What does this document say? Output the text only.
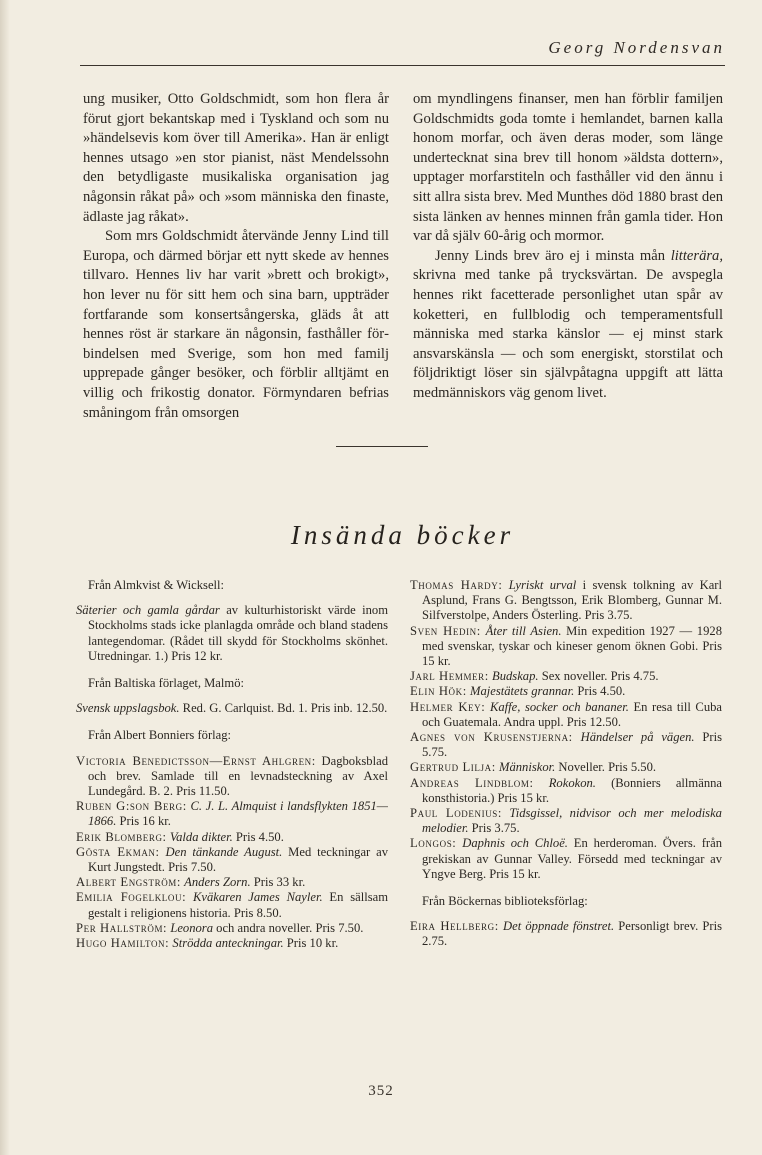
Georg Nordensvan

ung musiker, Otto Goldschmidt, som hon flera år förut gjort bekantskap med i Tyskland och som nu »händelsevis kom över till Amerika». Han är enligt hennes utsago »en stor pianist, näst Mendelssohn den betydligaste musikaliska organisation jag någonsin råkat på» och »som människa den finaste, ädlaste jag råkat».

Som mrs Goldschmidt återvände Jenny Lind till Europa, och därmed börjar ett nytt skede av hennes tillvaro. Hennes liv har varit »brett och brokigt», hon lever nu för sitt hem och sina barn, uppträder fortfarande som konsertsångerska, gläds åt att hennes röst är starkare än någonsin, fasthåller förbindelsen med Sverige, som hon med familj upprepade gånger besöker, och förblir alltjämt en villig och frikostig donator. Förmyndaren befrias småningom från omsorgen

om myndlingens finanser, men han förblir familjen Goldschmidts goda tomte i hemlandet, barnen kalla honom morfar, och även deras moder, som länge undertecknat sina brev till honom »äldsta dottern», upptager morfarstiteln och fasthåller vid den ännu i sitt allra sista brev. Med Munthes död 1880 brast den sista länken av hennes minnen från gamla tider. Hon var då själv 60-årig och mormor.

Jenny Linds brev äro ej i minsta mån litterära, skrivna med tanke på trycksvärtan. De avspegla hennes rikt facetterade personlighet utan spår av koketteri, en fullblodig och temperamentsfull människa med starka känslor — ej minst stark ansvarskänsla — och som energiskt, storstilat och följdriktigt löser sin självpåtagna uppgift att lätta medmänniskors väg genom livet.

Insända böcker

Från Almkvist & Wicksell:

Säterier och gamla gårdar av kulturhistoriskt värde inom Stockholms stads icke planlagda område och bland stadens lantegendomar. (Rådet till skydd för Stockholms skönhet. Utredningar. 1.) Pris 12 kr.

Från Baltiska förlaget, Malmö:

Svensk uppslagsbok. Red. G. Carlquist. Bd. 1. Pris inb. 12.50.

Från Albert Bonniers förlag:

Victoria Benedictsson—Ernst Ahlgren: Dagboksblad och brev. Samlade till en levnadsteckning av Axel Lundegård. B. 2. Pris 11.50.

Ruben G:son Berg: C. J. L. Almquist i landsflykten 1851—1866. Pris 16 kr.

Erik Blomberg: Valda dikter. Pris 4.50.

Gösta Ekman: Den tänkande August. Med teckningar av Kurt Jungstedt. Pris 7.50.

Albert Engström: Anders Zorn. Pris 33 kr.

Emilia Fogelklou: Kväkaren James Nayler. En sällsam gestalt i religionens historia. Pris 8.50.

Per Hallström: Leonora och andra noveller. Pris 7.50.

Hugo Hamilton: Strödda anteckningar. Pris 10 kr.

Thomas Hardy: Lyriskt urval i svensk tolkning av Karl Asplund, Frans G. Bengtsson, Erik Blomberg, Gunnar M. Silfverstolpe, Anders Österling. Pris 3.75.

Sven Hedin: Åter till Asien. Min expedition 1927 — 1928 med svenskar, tyskar och kineser genom öknen Gobi. Pris 15 kr.

Jarl Hemmer: Budskap. Sex noveller. Pris 4.75.

Elin Hök: Majestätets grannar. Pris 4.50.

Helmer Key: Kaffe, socker och bananer. En resa till Cuba och Guatemala. Andra uppl. Pris 12.50.

Agnes von Krusenstjerna: Händelser på vägen. Pris 5.75.

Gertrud Lilja: Människor. Noveller. Pris 5.50.

Andreas Lindblom: Rokokon. (Bonniers allmänna konsthistoria.) Pris 15 kr.

Paul Lodenius: Tidsgissel, nidvisor och mer melodiska melodier. Pris 3.75.

Longos: Daphnis och Chloë. En herderoman. Övers. från grekiskan av Gunnar Valley. Försedd med teckningar av Yngve Berg. Pris 15 kr.

Från Böckernas biblioteksförlag:

Eira Hellberg: Det öppnade fönstret. Personligt brev. Pris 2.75.

352
